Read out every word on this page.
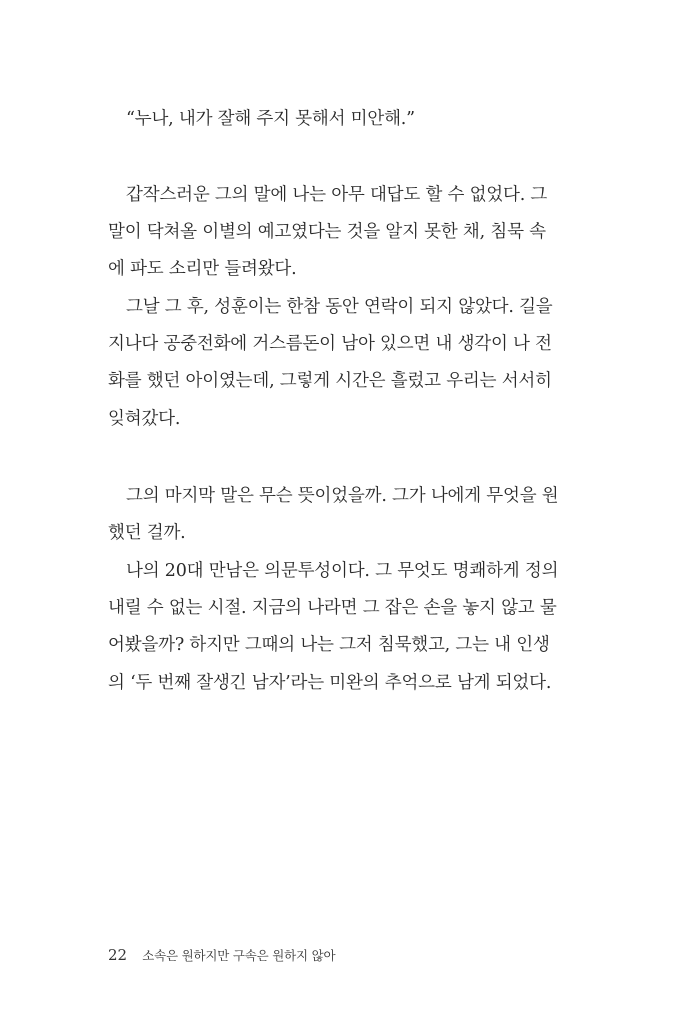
“누나, 내가 잘해 주지 못해서 미안해.”
갑작스러운 그의 말에 나는 아무 대답도 할 수 없었다. 그
말이 닥쳐올 이별의 예고였다는 것을 알지 못한 채, 침묵 속
에 파도 소리만 들려왔다.
그날 그 후, 성훈이는 한참 동안 연락이 되지 않았다. 길을
지나다 공중전화에 거스름돈이 남아 있으면 내 생각이 나 전
화를 했던 아이였는데, 그렇게 시간은 흘렀고 우리는 서서히
잊혀갔다.
그의 마지막 말은 무슨 뜻이었을까. 그가 나에게 무엇을 원
했던 걸까.
나의 20대 만남은 의문투성이다. 그 무엇도 명쾌하게 정의
내릴 수 없는 시절. 지금의 나라면 그 잡은 손을 놓지 않고 물
어봤을까? 하지만 그때의 나는 그저 침묵했고, 그는 내 인생
의 ‘두 번째 잘생긴 남자’라는 미완의 추억으로 남게 되었다.
22 소속은 원하지만 구속은 원하지 않아
